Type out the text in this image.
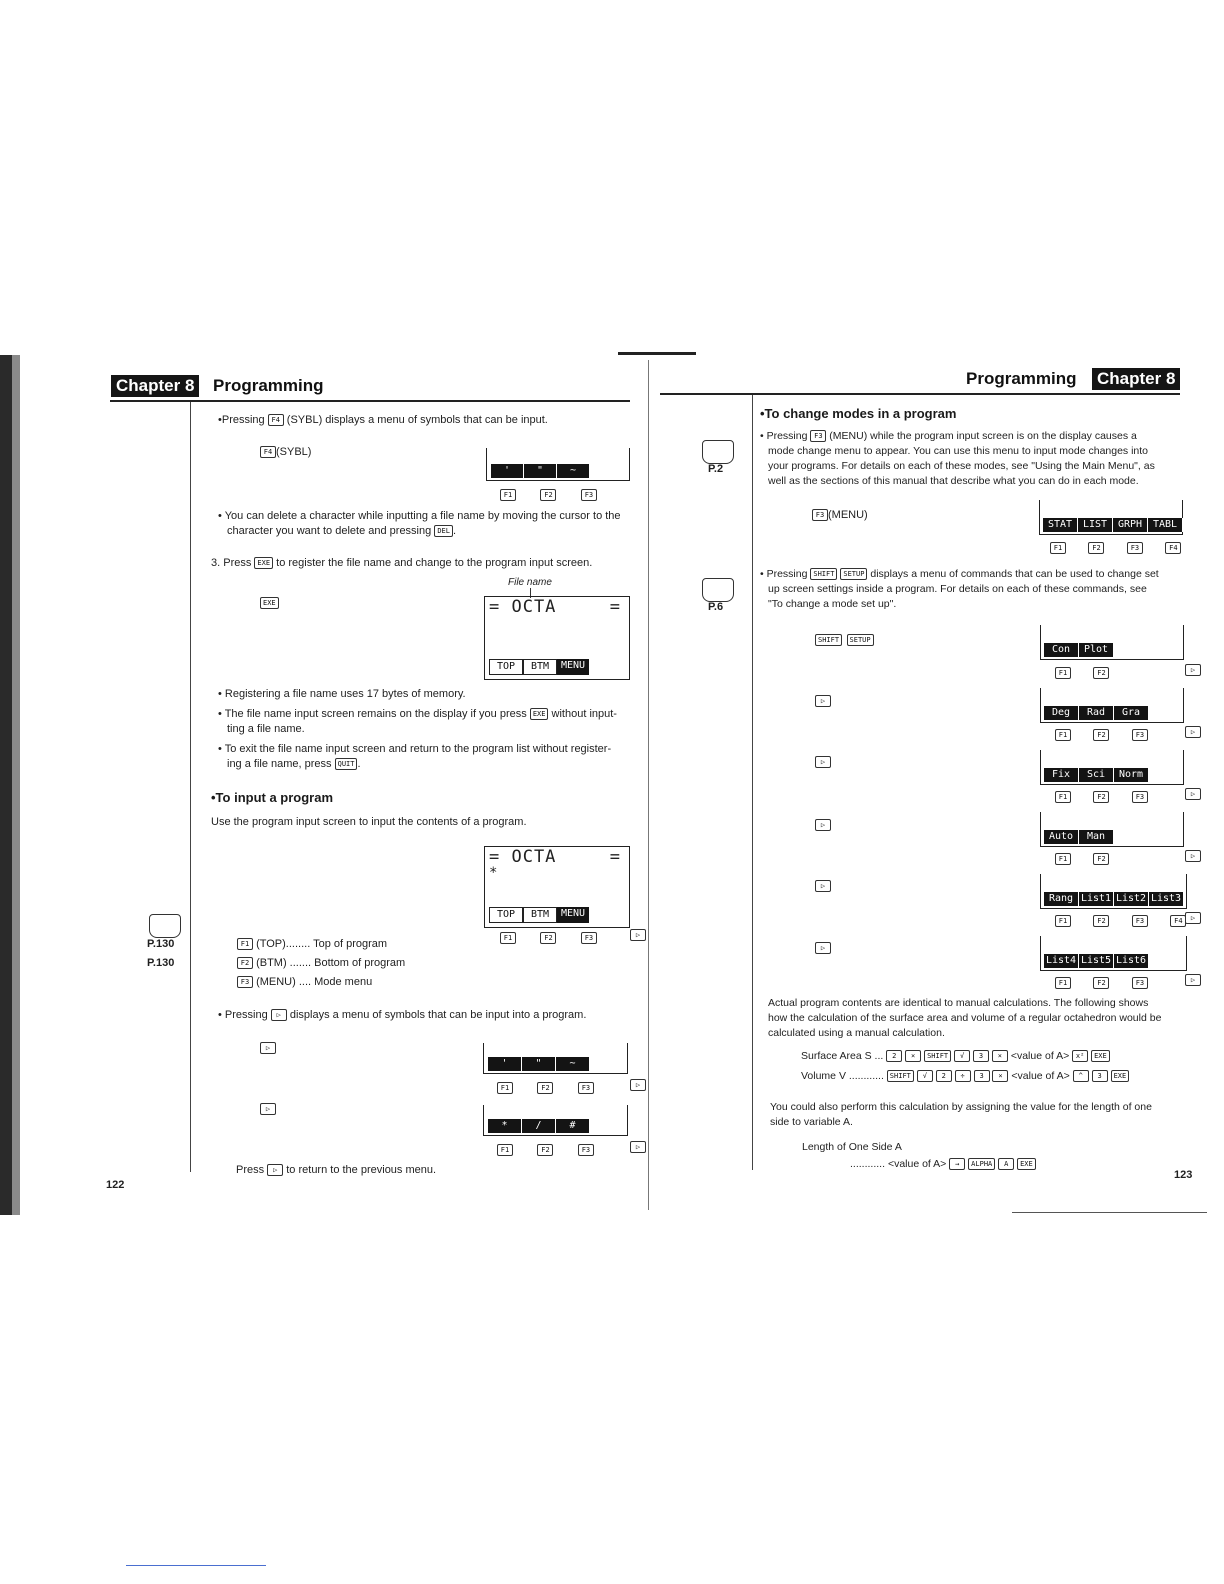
Chapter 8 Programming
•Pressing F4 (SYBL) displays a menu of symbols that can be input.
F4 (SYBL)
'	"	~
F1	F2	F3
• You can delete a character while inputting a file name by moving the cursor to the
character you want to delete and pressing DEL .
3. Press EXE to register the file name and change to the program input screen.
File name
EXE	= OCTA	=
TOP	BTM	MENU
• Registering a file name uses 17 bytes of memory.
• The file name input screen remains on the display if you press EXE without input-
ting a file name.
• To exit the file name input screen and return to the program list without register-
ing a file name, press QUIT .
•To input a program
Use the program input screen to input the contents of a program.
= OCTA	=
*
TOP	BTM	MENU
F1	F2	F3	▷
P.130
P.130
F1 (TOP)........ Top of program
F2 (BTM) ....... Bottom of program
F3 (MENU) .... Mode menu
• Pressing ▷ displays a menu of symbols that can be input into a program.
▷
'	"	~
F1	F2	F3	▷
▷
*	/	#
F1	F2	F3	▷
Press ▷ to return to the previous menu.
122
Programming Chapter 8
•To change modes in a program
• Pressing F3 (MENU) while the program input screen is on the display causes a
mode change menu to appear. You can use this menu to input mode changes into
your programs. For details on each of these modes, see "Using the Main Menu", as
well as the sections of this manual that describe what you can do in each mode.
P.2
F3 (MENU)
STAT	LIST	GRPH	TABL
F1	F2	F3	F4
P.6
• Pressing SHIFT SETUP displays a menu of commands that can be used to change set
up screen settings inside a program. For details on each of these commands, see
"To change a mode set up".
SHIFT SETUP
Con	Plot
F1	F2	▷
▷
Deg	Rad	Gra
F1	F2	F3	▷
▷
Fix	Sci	Norm
F1	F2	F3	▷
▷
Auto	Man
F1	F2	▷
▷
Rang List1 List2 List3
F1	F2	F3	F4	▷
▷
List4 List5 List6
F1	F2	F3	▷
Actual program contents are identical to manual calculations. The following shows
how the calculation of the surface area and volume of a regular octahedron would be
calculated using a manual calculation.
Surface Area S ... 2 × SHIFT √ 3 × <value of A> x² EXE
Volume V ............ SHIFT √ 2 ÷ 3 × <value of A> ^ 3 EXE
You could also perform this calculation by assigning the value for the length of one
side to variable A.
Length of One Side A
............ <value of A> → ALPHA A EXE
123
